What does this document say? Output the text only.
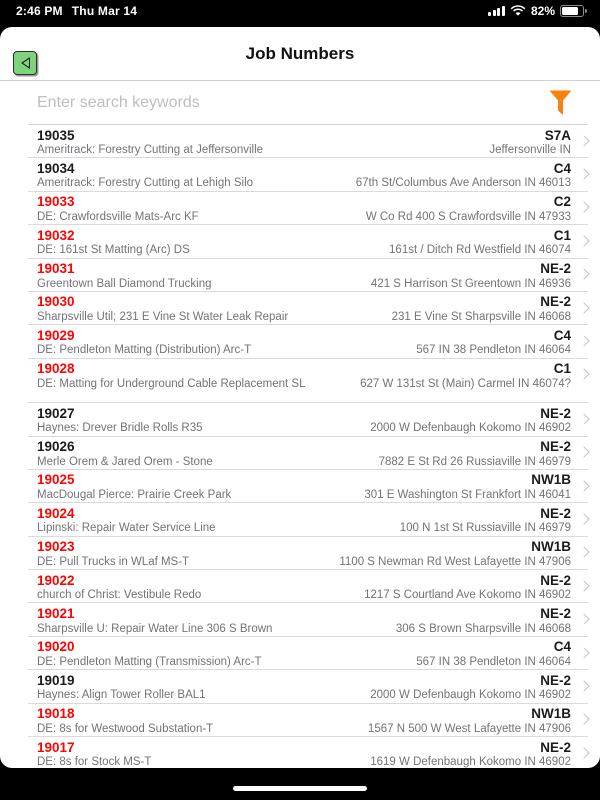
2:46 PM Thu Mar 14	82%
Job Numbers
Enter search keywords
19035
Ameritrack: Forestry Cutting at Jeffersonville
S7A
Jeffersonville IN
19034
Ameritrack: Forestry Cutting at Lehigh Silo
C4
67th St/Columbus Ave Anderson IN 46013
19033
DE: Crawfordsville Mats-Arc KF
C2
W Co Rd 400 S Crawfordsville IN 47933
19032
DE: 161st St Matting (Arc) DS
C1
161st / Ditch Rd Westfield IN 46074
19031
Greentown Ball Diamond Trucking
NE-2
421 S Harrison St Greentown IN 46936
19030
Sharpsville Util; 231 E Vine St Water Leak Repair
NE-2
231 E Vine St Sharpsville IN 46068
19029
DE: Pendleton Matting (Distribution) Arc-T
C4
567 IN 38 Pendleton IN 46064
19028
DE: Matting for Underground Cable Replacement SL
C1
627 W 131st St (Main) Carmel IN 46074?
19027
Haynes: Drever Bridle Rolls R35
NE-2
2000 W Defenbaugh Kokomo IN 46902
19026
Merle Orem & Jared Orem - Stone
NE-2
7882 E St Rd 26 Russiaville IN 46979
19025
MacDougal Pierce: Prairie Creek Park
NW1B
301 E Washington St Frankfort IN 46041
19024
Lipinski: Repair Water Service Line
NE-2
100 N 1st St Russiaville IN 46979
19023
DE: Pull Trucks in WLaf MS-T
NW1B
1100 S Newman Rd West Lafayette IN 47906
19022
church of Christ: Vestibule Redo
NE-2
1217 S Courtland Ave Kokomo IN 46902
19021
Sharpsville U: Repair Water Line 306 S Brown
NE-2
306 S Brown Sharpsville IN 46068
19020
DE: Pendleton Matting (Transmission) Arc-T
C4
567 IN 38 Pendleton IN 46064
19019
Haynes: Align Tower Roller BAL1
NE-2
2000 W Defenbaugh Kokomo IN 46902
19018
DE: 8s for Westwood Substation-T
NW1B
1567 N 500 W West Lafayette IN 47906
19017
DE: 8s for Stock MS-T
NE-2
1619 W Defenbaugh Kokomo IN 46902
